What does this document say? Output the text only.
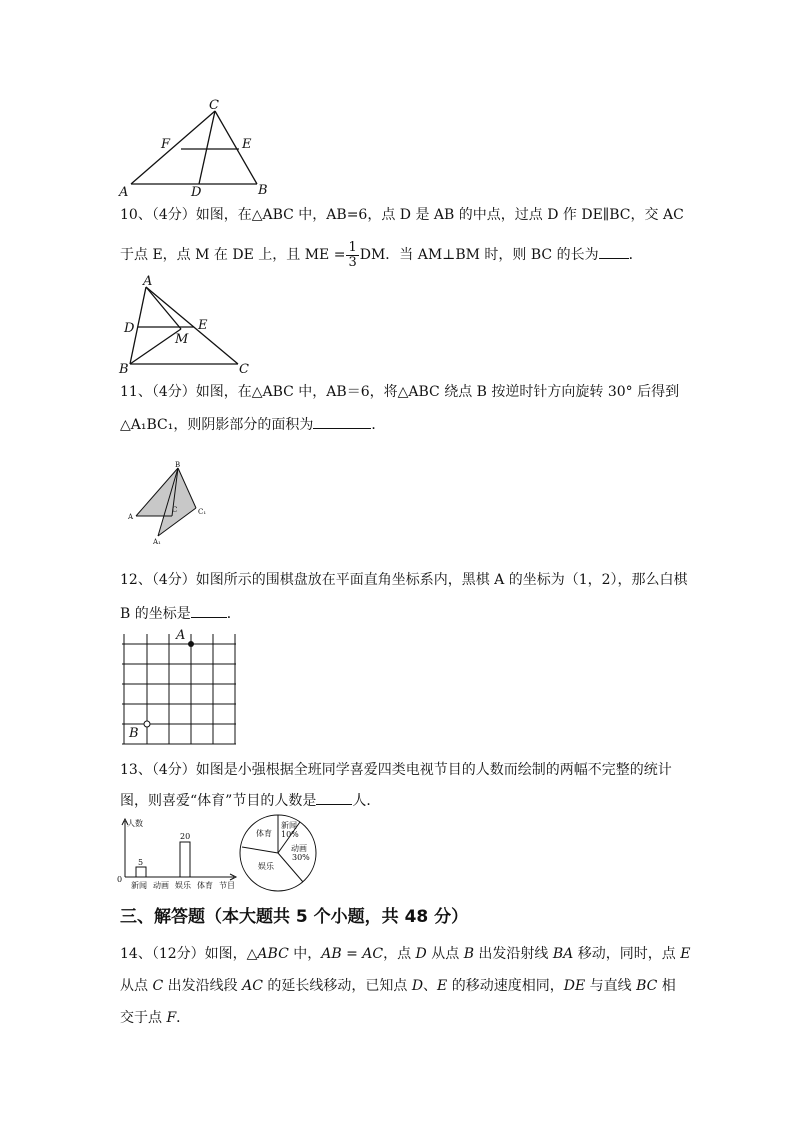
C
F	E
A	D	B
10、（4分）如图，在△ABC 中，AB=6，点 D 是 AB 的中点，过点 D 作 DE∥BC，交 AC
于点 E，点 M 在 DE 上，且 ME = $\frac{1}{3}$ DM．当 AM⊥BM 时，则 BC 的长为 ．
A
D	E
M
B	C
11、（4分）如图，在△ABC 中，AB＝6，将△ABC 绕点 B 按逆时针方向旋转 30° 后得到
△A₁BC₁，则阴影部分的面积为	．
B
A
C	C₁
A₁
12、（4分）如图所示的围棋盘放在平面直角坐标系内，黑棋 A 的坐标为（1，2），那么白棋
B 的坐标是	．
A
B
13、（4分）如图是小强根据全班同学喜爱四类电视节目的人数而绘制的两幅不完整的统计
图，则喜爱“体育”节目的人数是	人．
人数
0
5
20
新闻 动画 娱乐 体育 节目
体育
新闻
10%
动画
30%
娱乐
三、解答题（本大题共 5 个小题，共 48 分）
14、（12分）如图，△ABC 中，AB = AC，点 D 从点 B 出发沿射线 BA 移动，同时，点 E
从点 C 出发沿线段 AC 的延长线移动，已知点 D、E 的移动速度相同，DE 与直线 BC 相
交于点 F．
